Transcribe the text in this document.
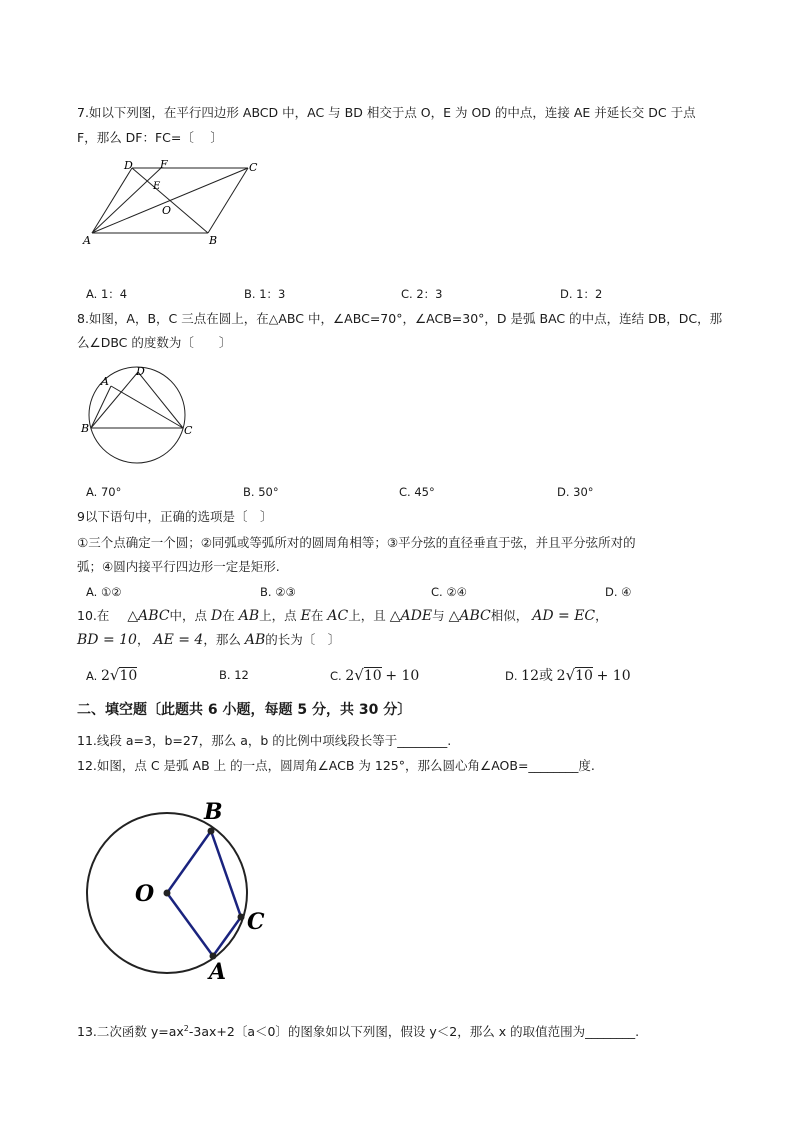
7.如以下列图，在平行四边形 ABCD 中，AC 与 BD 相交于点 O，E 为 OD 的中点，连接 AE 并延长交 DC 于点
F，那么 DF：FC=〔　 〕
D F	C
E
O
A	B
A. 1：4	B. 1：3	C. 2：3	D. 1：2
8.如图，A，B，C 三点在圆上，在△ABC 中，∠ABC=70°，∠ACB=30°，D 是弧 BAC 的中点，连结 DB，DC，那
么∠DBC 的度数为〔　　〕
A
D
B	C
A. 70°	B. 50°	C. 45°	D. 30°
9以下语句中，正确的选项是〔　〕
①三个点确定一个圆；②同弧或等弧所对的圆周角相等；③平分弦的直径垂直于弦，并且平分弦所对的
弧；④圆内接平行四边形一定是矩形.
A. ①②	B. ②③	C. ②④	D. ④
10.在 △ABC中，点 D在 AB上，点 E在 AC上，且 △ADE与 △ABC相似， AD = EC，
BD = 10， AE = 4，那么 AB的长为〔　〕
A. 2√10	B. 12	C. 2√10 + 10	D. 12或 2√10 + 10
二、填空题〔此题共 6 小题，每题 5 分，共 30 分〕
11.线段 a=3，b=27，那么 a，b 的比例中项线段长等于________.
12.如图，点 C 是弧 AB 上 的一点，圆周角∠ACB 为 125°，那么圆心角∠AOB=________度.
O
B
C
A
13.二次函数 $y=ax^2-3ax+2$〔a＜0〕的图象如以下列图，假设 y＜2，那么 x 的取值范围为________.
